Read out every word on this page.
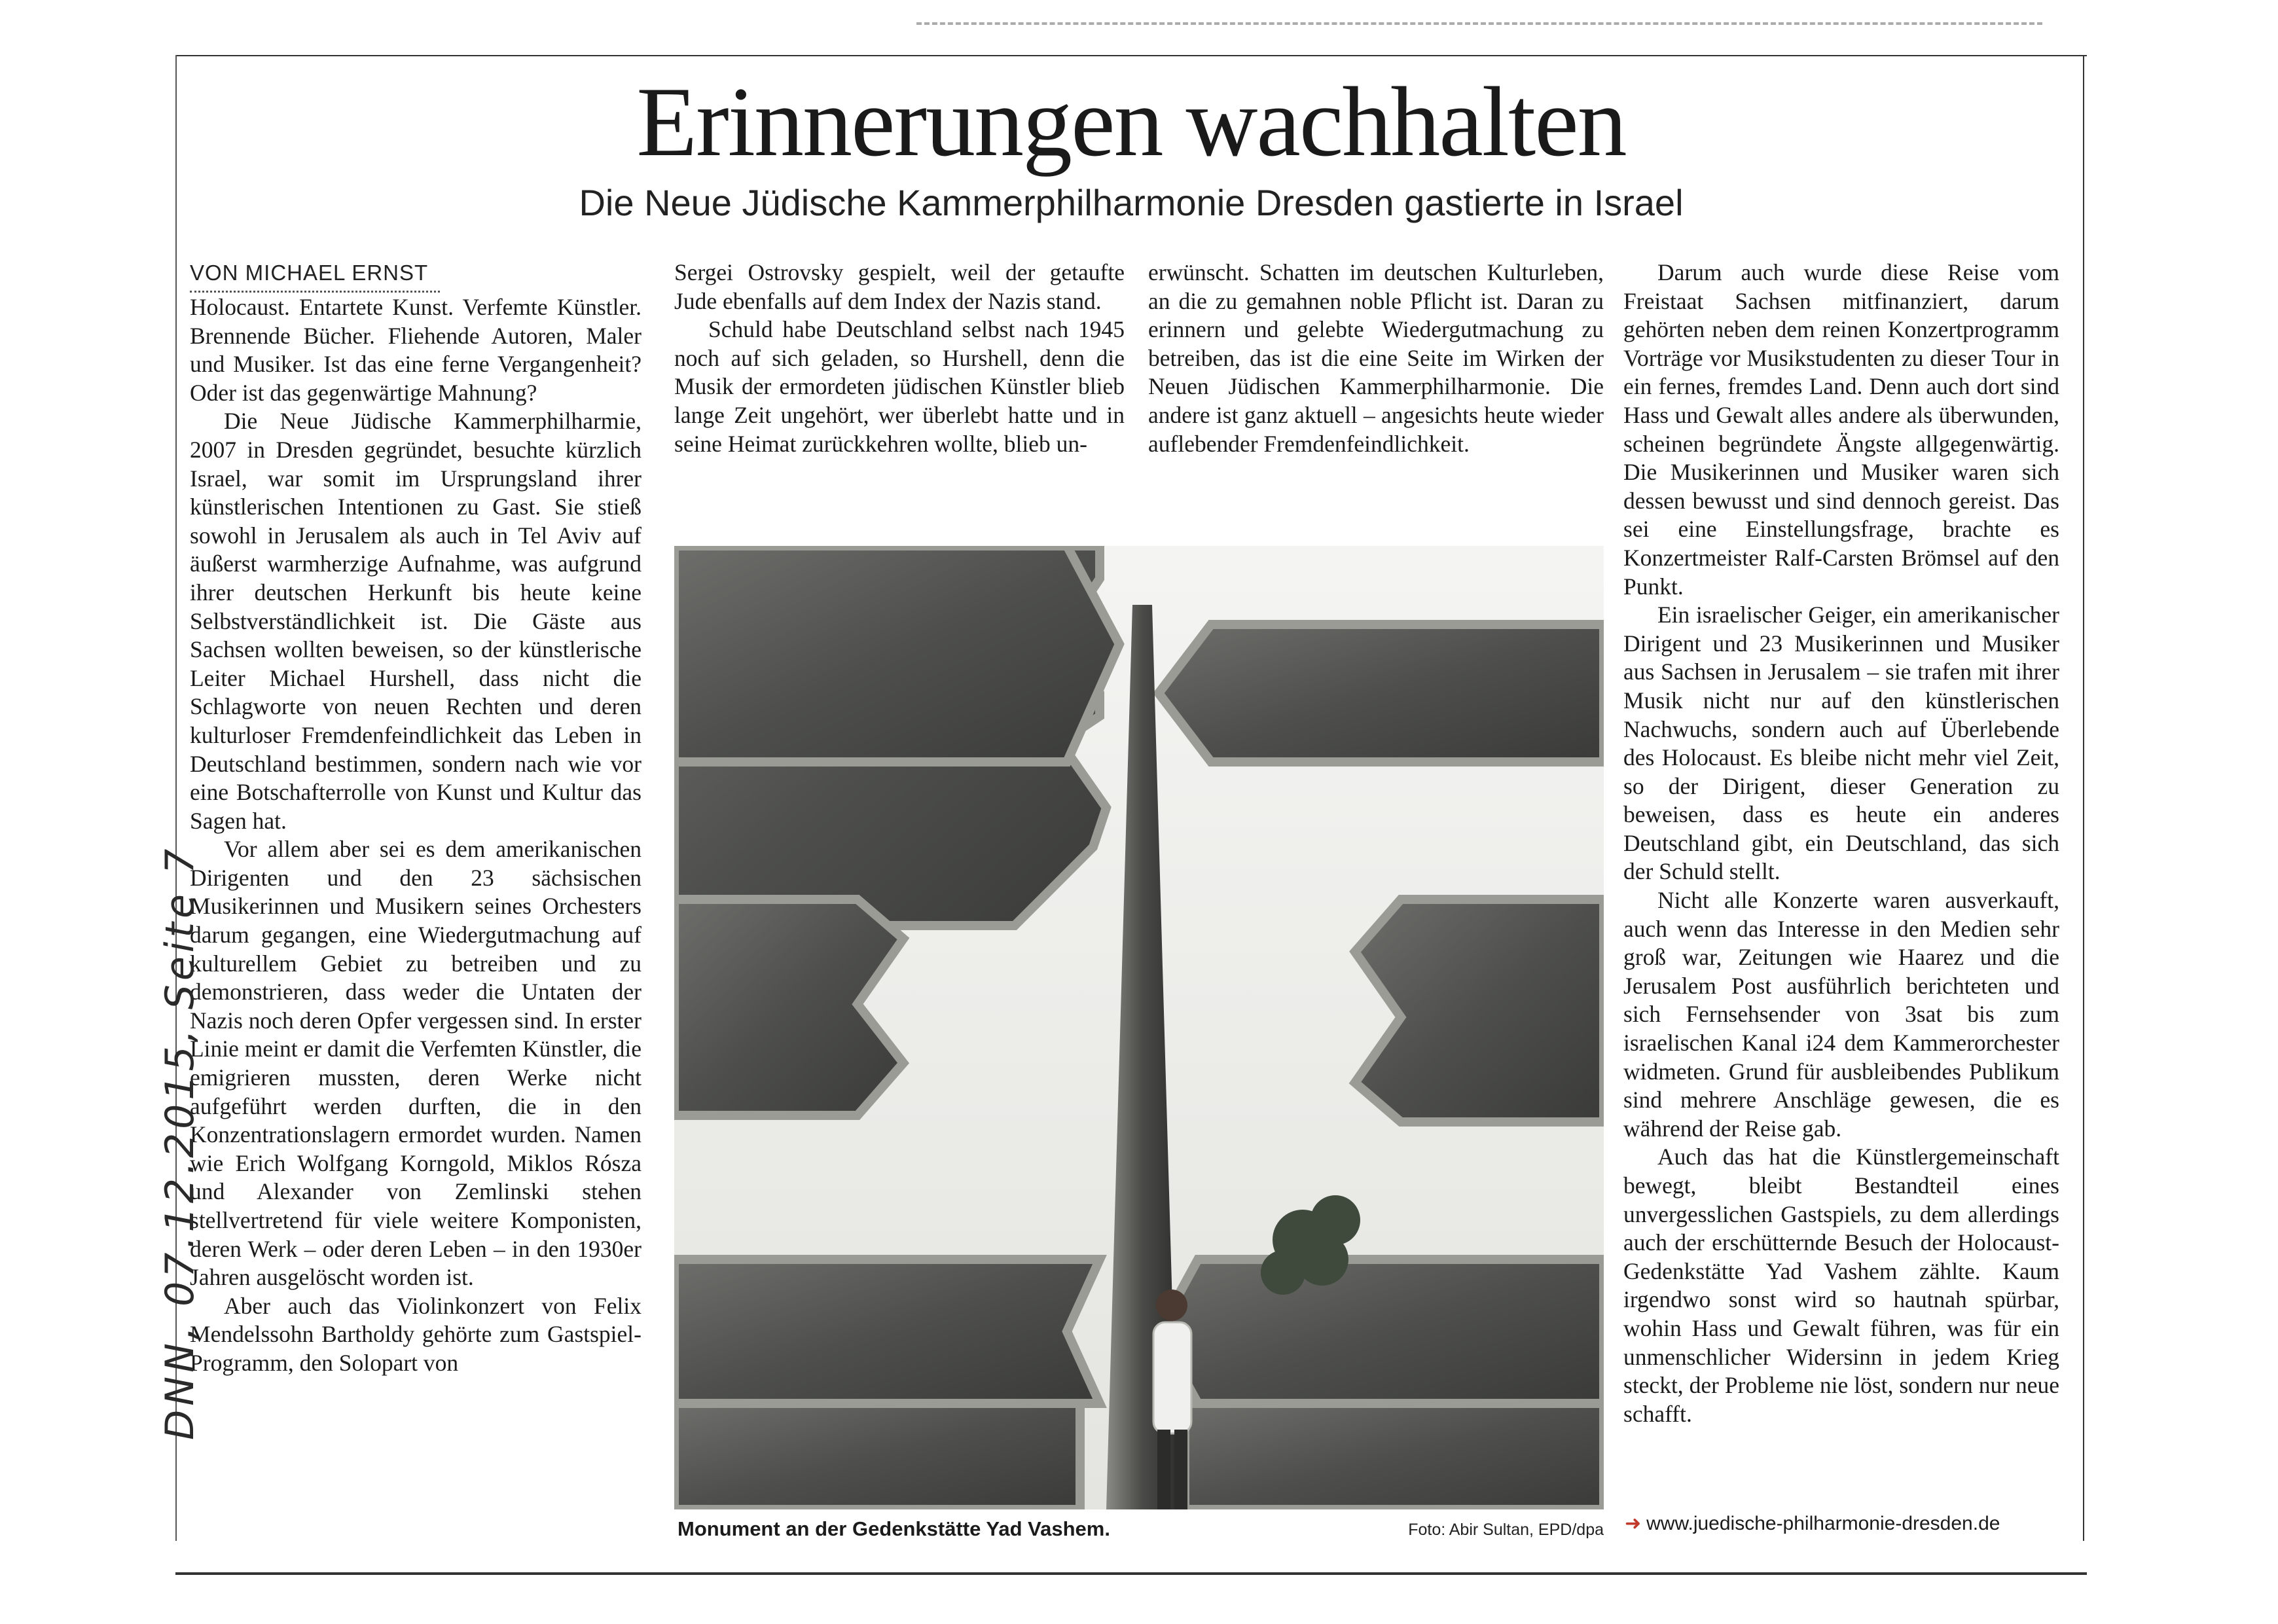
Erinnerungen wachhalten
Die Neue Jüdische Kammerphilharmonie Dresden gastierte in Israel
VON MICHAEL ERNST

Holocaust. Entartete Kunst. Verfemte Künstler. Brennende Bücher. Fliehende Autoren, Maler und Musiker. Ist das eine ferne Vergangenheit? Oder ist das gegenwärtige Mahnung?

Die Neue Jüdische Kammerphilharmie, 2007 in Dresden gegründet, besuchte kürzlich Israel, war somit im Ursprungsland ihrer künstlerischen Intentionen zu Gast. Sie stieß sowohl in Jerusalem als auch in Tel Aviv auf äußerst warmherzige Aufnahme, was aufgrund ihrer deutschen Herkunft bis heute keine Selbstverständlichkeit ist. Die Gäste aus Sachsen wollten beweisen, so der künstlerische Leiter Michael Hurshell, dass nicht die Schlagworte von neuen Rechten und deren kulturloser Fremdenfeindlichkeit das Leben in Deutschland bestimmen, sondern nach wie vor eine Botschafterrolle von Kunst und Kultur das Sagen hat.

Vor allem aber sei es dem amerikanischen Dirigenten und den 23 sächsischen Musikerinnen und Musikern seines Orchesters darum gegangen, eine Wiedergutmachung auf kulturellem Gebiet zu betreiben und zu demonstrieren, dass weder die Untaten der Nazis noch deren Opfer vergessen sind. In erster Linie meint er damit die Verfemten Künstler, die emigrieren mussten, deren Werke nicht aufgeführt werden durften, die in den Konzentrationslagern ermordet wurden. Namen wie Erich Wolfgang Korngold, Miklos Rósza und Alexander von Zemlinski stehen stellvertretend für viele weitere Komponisten, deren Werk – oder deren Leben – in den 1930er Jahren ausgelöscht worden ist.

Aber auch das Violinkonzert von Felix Mendelssohn Bartholdy gehörte zum Gastspiel-Programm, den Solopart von

Sergei Ostrovsky gespielt, weil der getaufte Jude ebenfalls auf dem Index der Nazis stand.

Schuld habe Deutschland selbst nach 1945 noch auf sich geladen, so Hurshell, denn die Musik der ermordeten jüdischen Künstler blieb lange Zeit ungehört, wer überlebt hatte und in seine Heimat zurückkehren wollte, blieb un-

erwünscht. Schatten im deutschen Kulturleben, an die zu gemahnen noble Pflicht ist. Daran zu erinnern und gelebte Wiedergutmachung zu betreiben, das ist die eine Seite im Wirken der Neuen Jüdischen Kammerphilharmonie. Die andere ist ganz aktuell – angesichts heute wieder auflebender Fremdenfeindlichkeit.

Darum auch wurde diese Reise vom Freistaat Sachsen mitfinanziert, darum gehörten neben dem reinen Konzertprogramm Vorträge vor Musikstudenten zu dieser Tour in ein fernes, fremdes Land. Denn auch dort sind Hass und Gewalt alles andere als überwunden, scheinen begründete Ängste allgegenwärtig. Die Musikerinnen und Musiker waren sich dessen bewusst und sind dennoch gereist. Das sei eine Einstellungsfrage, brachte es Konzertmeister Ralf-Carsten Brömsel auf den Punkt.

Ein israelischer Geiger, ein amerikanischer Dirigent und 23 Musikerinnen und Musiker aus Sachsen in Jerusalem – sie trafen mit ihrer Musik nicht nur auf den künstlerischen Nachwuchs, sondern auch auf Überlebende des Holocaust. Es bleibe nicht mehr viel Zeit, so der Dirigent, dieser Generation zu beweisen, dass es heute ein anderes Deutschland gibt, ein Deutschland, das sich der Schuld stellt.

Nicht alle Konzerte waren ausverkauft, auch wenn das Interesse in den Medien sehr groß war, Zeitungen wie Haarez und die Jerusalem Post ausführlich berichteten und sich Fernsehsender von 3sat bis zum israelischen Kanal i24 dem Kammerorchester widmeten. Grund für ausbleibendes Publikum sind mehrere Anschläge gewesen, die es während der Reise gab.

Auch das hat die Künstlergemeinschaft bewegt, bleibt Bestandteil eines unvergesslichen Gastspiels, zu dem allerdings auch der erschütternde Besuch der Holocaust-Gedenkstätte Yad Vashem zählte. Kaum irgendwo sonst wird so hautnah spürbar, wohin Hass und Gewalt führen, was für ein unmenschlicher Widersinn in jedem Krieg steckt, der Probleme nie löst, sondern nur neue schafft.

Monument an der Gedenkstätte Yad Vashem.	Foto: Abir Sultan, EPD/dpa ➜ www.juedische-philharmonie-dresden.de
DNN, 07.12.2015, Seite 7
